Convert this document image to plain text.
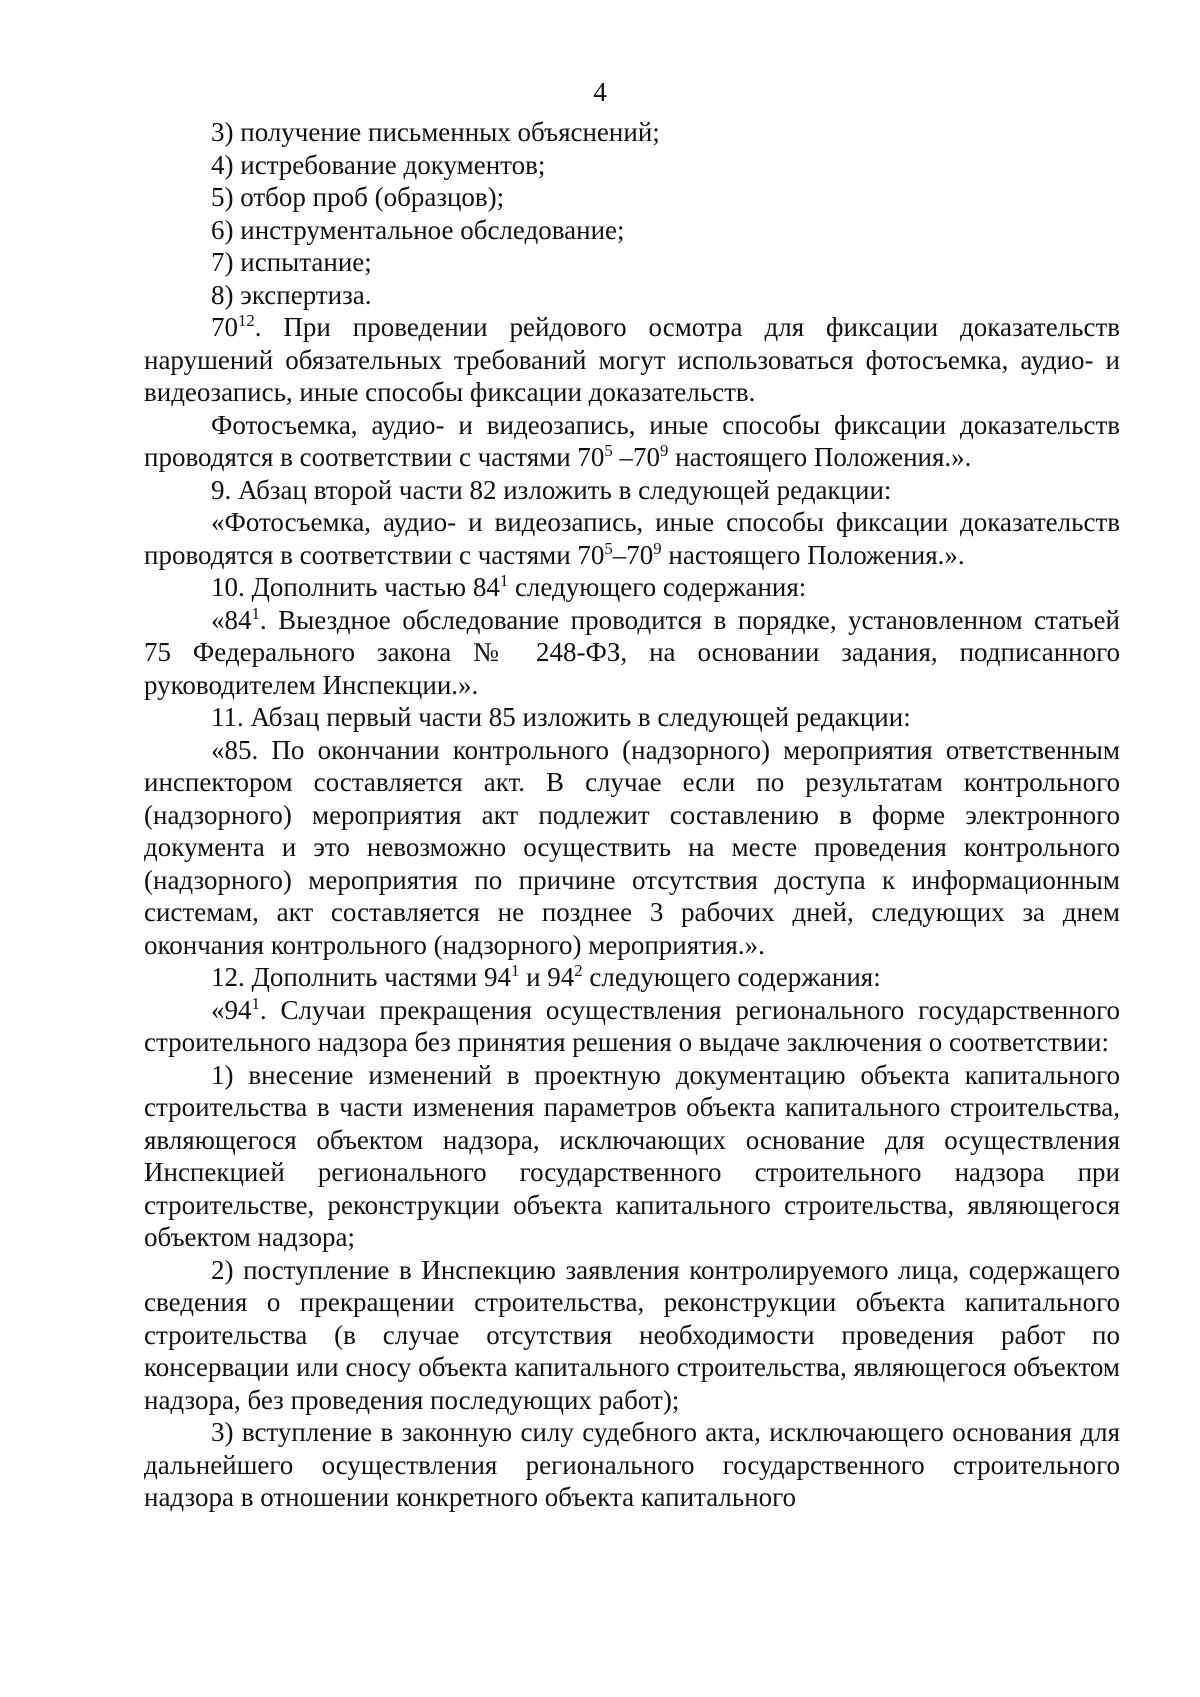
4

3) получение письменных объяснений;

4) истребование документов;

5) отбор проб (образцов);

6) инструментальное обследование;

7) испытание;

8) экспертиза.

$70^{12}$. При проведении рейдового осмотра для фиксации доказательств нарушений обязательных требований могут использоваться фотосъемка, аудио- и видеозапись, иные способы фиксации доказательств.

Фотосъемка, аудио- и видеозапись, иные способы фиксации доказательств проводятся в соответствии с частями $70^5$ $-70^9$ настоящего Положения.».

9. Абзац второй части 82 изложить в следующей редакции:

«Фотосъемка, аудио- и видеозапись, иные способы фиксации доказательств проводятся в соответствии с частями $70^5-70^9$ настоящего Положения.».

10. Дополнить частью $84^1$ следующего содержания:

«$84^1$. Выездное обследование проводится в порядке, установленном статьей 75 Федерального закона № 248-ФЗ, на основании задания, подписанного руководителем Инспекции.».

11. Абзац первый части 85 изложить в следующей редакции:

«85. По окончании контрольного (надзорного) мероприятия ответственным инспектором составляется акт. В случае если по результатам контрольного (надзорного) мероприятия акт подлежит составлению в форме электронного документа и это невозможно осуществить на месте проведения контрольного (надзорного) мероприятия по причине отсутствия доступа к информационным системам, акт составляется не позднее 3 рабочих дней, следующих за днем окончания контрольного (надзорного) мероприятия.».

12. Дополнить частями $94^1$ и $94^2$ следующего содержания:

«$94^1$. Случаи прекращения осуществления регионального государственного строительного надзора без принятия решения о выдаче заключения о соответствии:

1) внесение изменений в проектную документацию объекта капитального строительства в части изменения параметров объекта капитального строительства, являющегося объектом надзора, исключающих основание для осуществления Инспекцией регионального государственного строительного надзора при строительстве, реконструкции объекта капитального строительства, являющегося объектом надзора;

2) поступление в Инспекцию заявления контролируемого лица, содержащего сведения о прекращении строительства, реконструкции объекта капитального строительства (в случае отсутствия необходимости проведения работ по консервации или сносу объекта капитального строительства, являющегося объектом надзора, без проведения последующих работ);

3) вступление в законную силу судебного акта, исключающего основания для дальнейшего осуществления регионального государственного строительного надзора в отношении конкретного объекта капитального
